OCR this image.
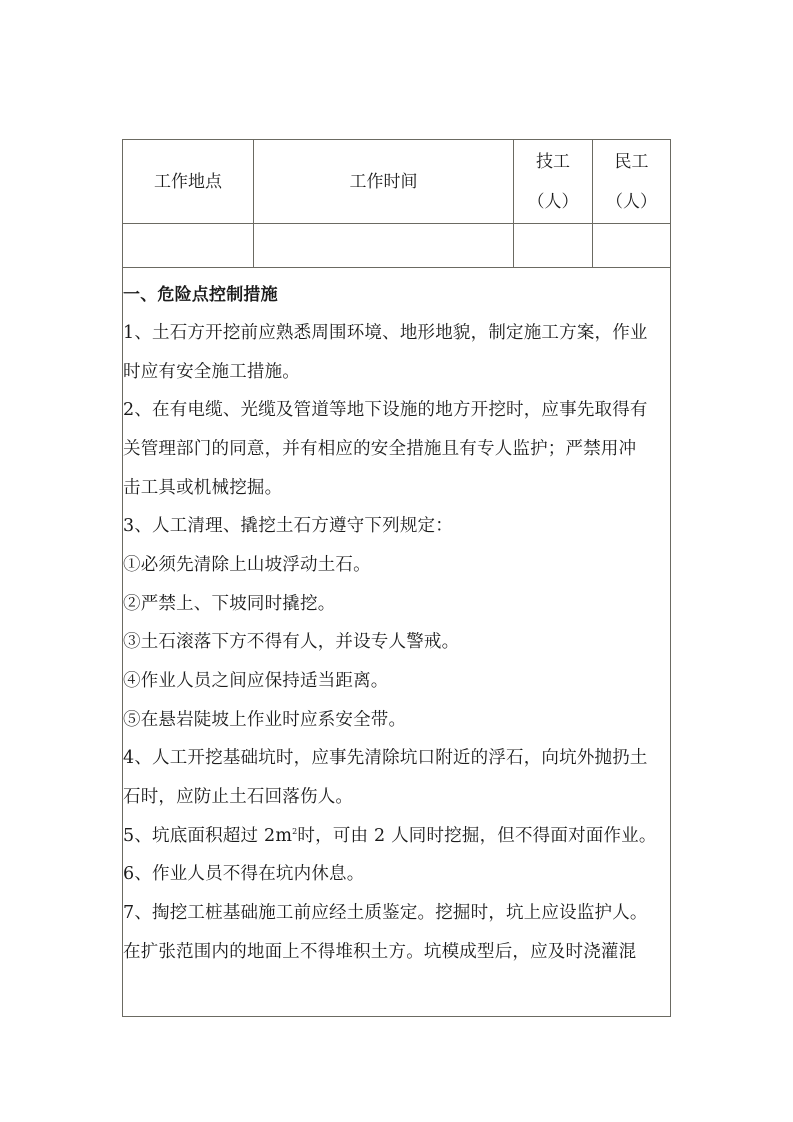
工作地点	工作时间
技工
（人）
民工
（人）
一、危险点控制措施
1、土石方开挖前应熟悉周围环境、地形地貌，制定施工方案，作业
时应有安全施工措施。
2、在有电缆、光缆及管道等地下设施的地方开挖时，应事先取得有
关管理部门的同意，并有相应的安全措施且有专人监护；严禁用冲
击工具或机械挖掘。
3、人工清理、撬挖土石方遵守下列规定：
①必须先清除上山坡浮动土石。
②严禁上、下坡同时撬挖。
③土石滚落下方不得有人，并设专人警戒。
④作业人员之间应保持适当距离。
⑤在悬岩陡坡上作业时应系安全带。
4、人工开挖基础坑时，应事先清除坑口附近的浮石，向坑外抛扔土
石时，应防止土石回落伤人。
5、坑底面积超过 $2m^2$时，可由 2 人同时挖掘，但不得面对面作业。
6、作业人员不得在坑内休息。
7、掏挖工桩基础施工前应经土质鉴定。挖掘时，坑上应设监护人。
在扩张范围内的地面上不得堆积土方。坑模成型后，应及时浇灌混
